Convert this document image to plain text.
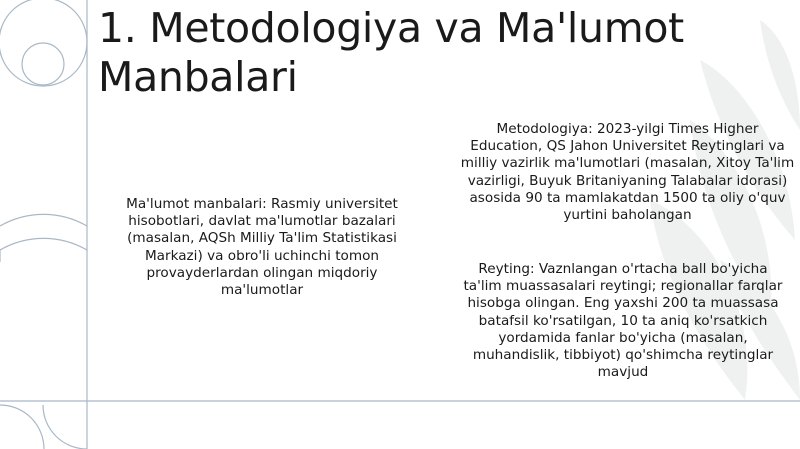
1. Metodologiya va Ma'lumot Manbalari
Ma'lumot manbalari: Rasmiy universitet hisobotlari, davlat ma'lumotlar bazalari (masalan, AQSh Milliy Ta'lim Statistikasi Markazi) va obro'li uchinchi tomon provayderlardan olingan miqdoriy ma'lumotlar
Metodologiya: 2023-yilgi Times Higher Education, QS Jahon Universitet Reytinglari va milliy vazirlik ma'lumotlari (masalan, Xitoy Ta'lim vazirligi, Buyuk Britaniyaning Talabalar idorasi) asosida 90 ta mamlakatdan 1500 ta oliy o'quv yurtini baholangan
Reyting: Vaznlangan o'rtacha ball bo'yicha ta'lim muassasalari reytingi; regionallar farqlar hisobga olingan. Eng yaxshi 200 ta muassasa batafsil ko'rsatilgan, 10 ta aniq ko'rsatkich yordamida fanlar bo'yicha (masalan, muhandislik, tibbiyot) qo'shimcha reytinglar mavjud
